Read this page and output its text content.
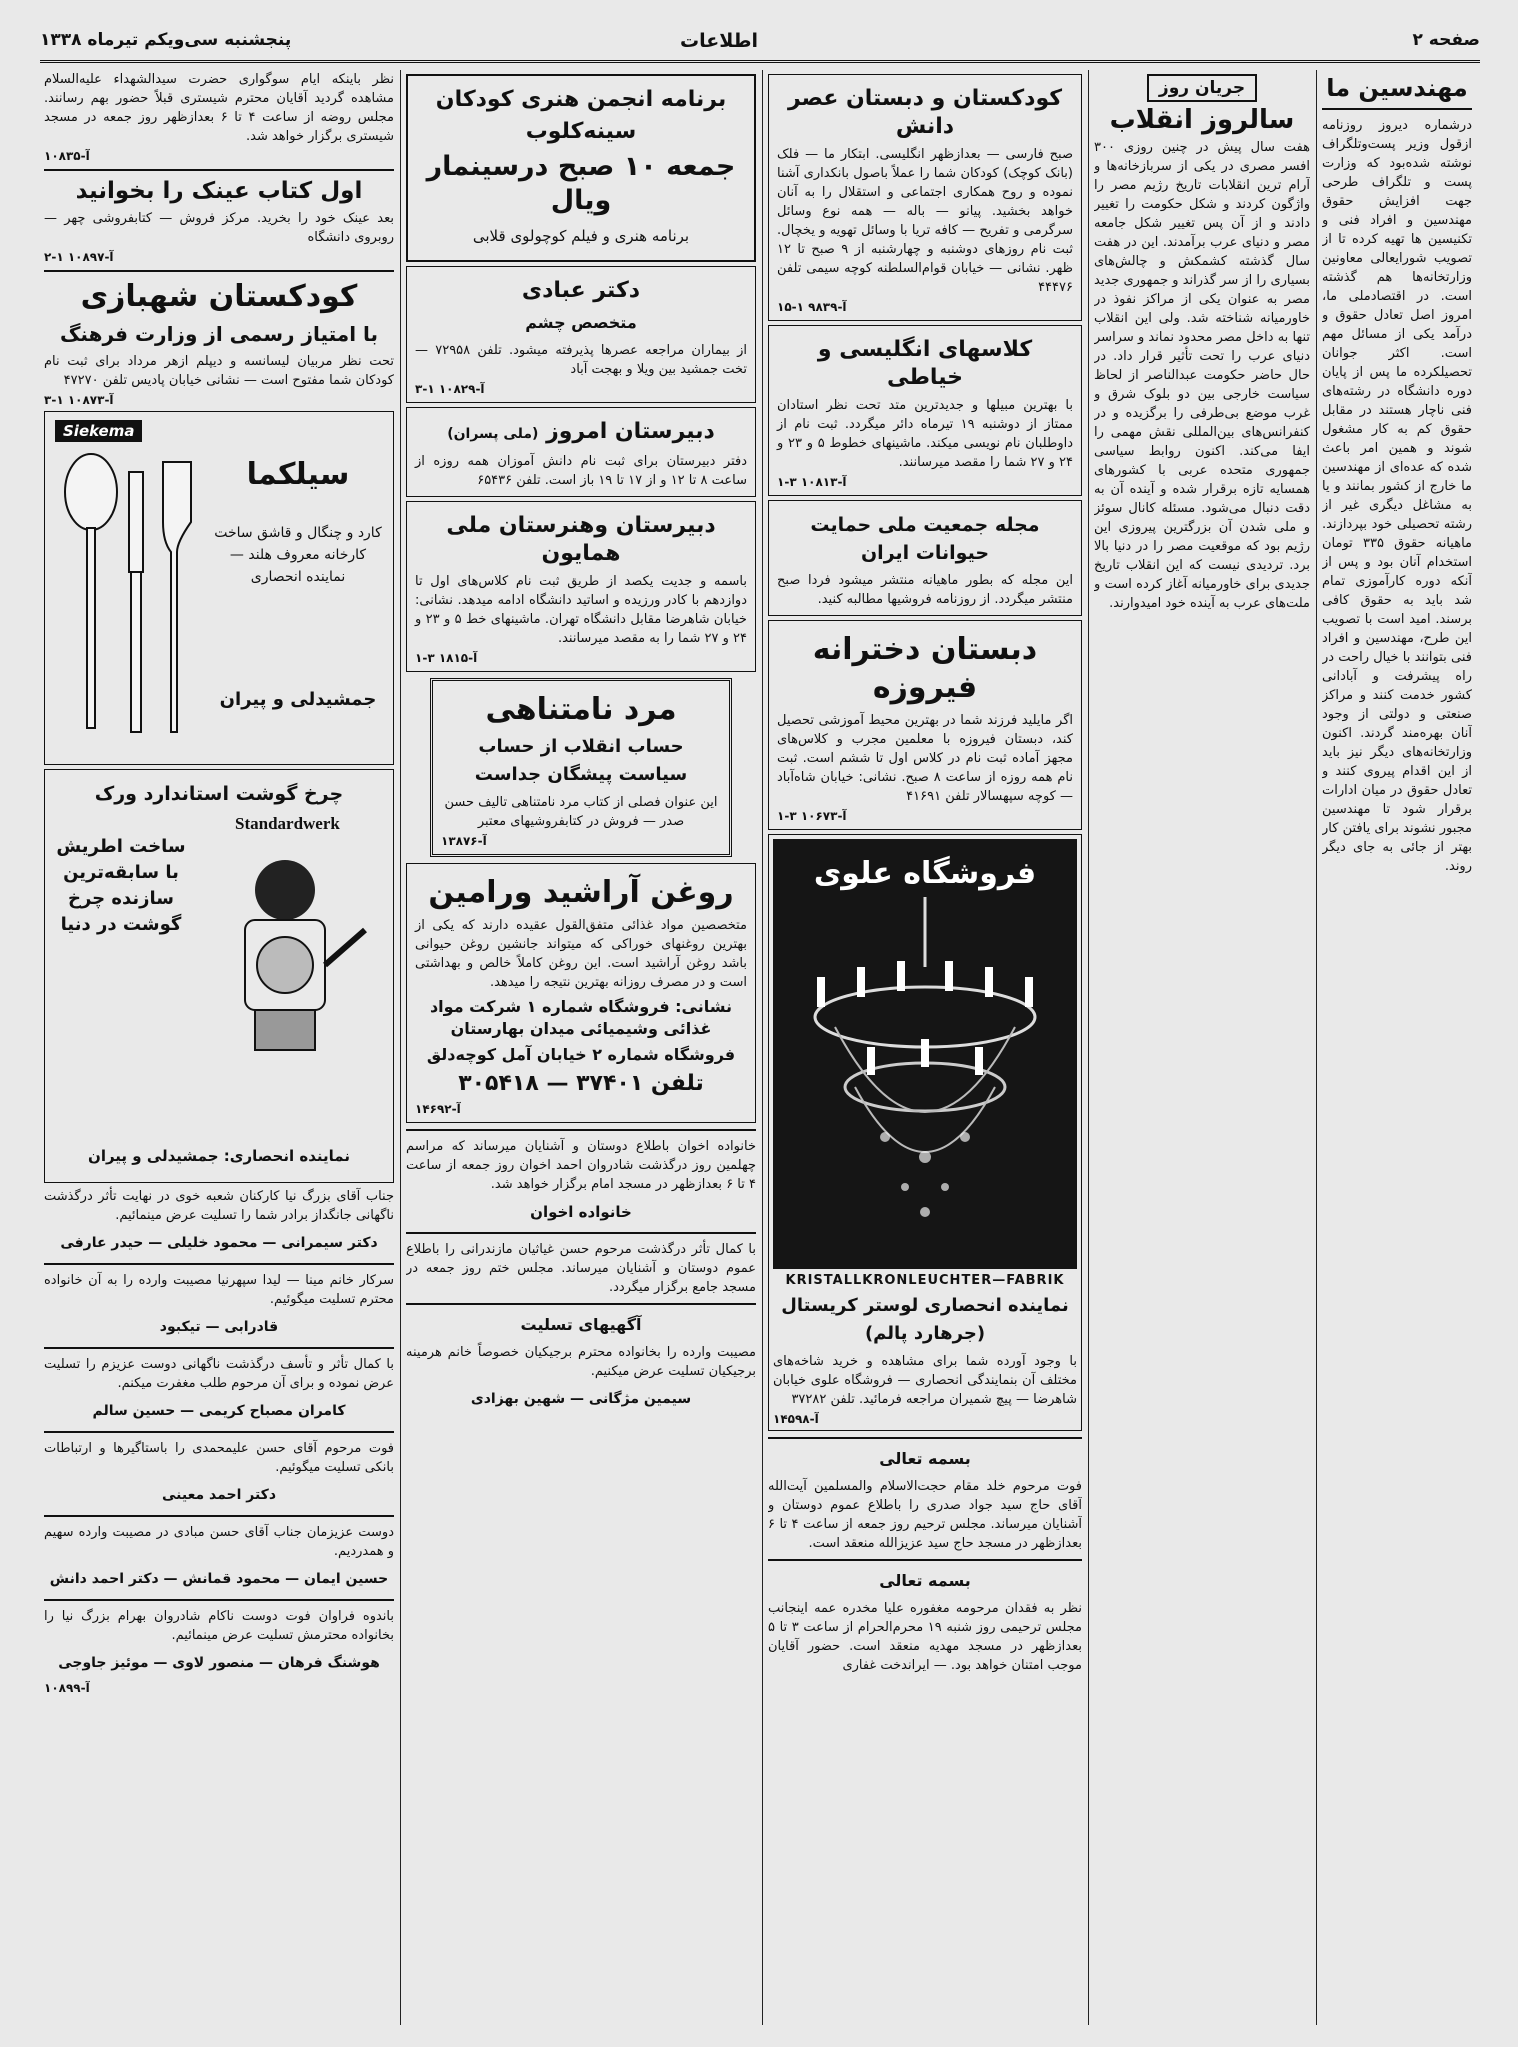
صفحه ۲
اطلاعات
پنجشنبه سی‌ویکم تیرماه ۱۳۳۸
مهندسین ما
درشماره دیروز روزنامه ازقول وزیر پست‌وتلگراف نوشته شده‌بود که وزارت پست و تلگراف طرحی جهت افزایش حقوق مهندسین و افراد فنی و تکنیسین ها تهیه کرده تا از تصویب شورایعالی معاونین وزارتخانه‌ها هم گذشته است. در اقتصادملی ما، امروز اصل تعادل حقوق و درآمد یکی از مسائل مهم است. اکثر جوانان تحصیلکرده ما پس از پایان دوره دانشگاه در رشته‌های فنی ناچار هستند در مقابل حقوق کم به کار مشغول شوند و همین امر باعث شده که عده‌ای از مهندسین ما خارج از کشور بمانند و یا به مشاغل دیگری غیر از رشته تحصیلی خود بپردازند. ماهیانه حقوق ۳۳۵ تومان استخدام آنان بود و پس از آنکه دوره کارآموزی تمام شد باید به حقوق کافی برسند. امید است با تصویب این طرح، مهندسین و افراد فنی بتوانند با خیال راحت در راه پیشرفت و آبادانی کشور خدمت کنند و مراکز صنعتی و دولتی از وجود آنان بهره‌مند گردند. اکنون وزارتخانه‌های دیگر نیز باید از این اقدام پیروی کنند و تعادل حقوق در میان ادارات برقرار شود تا مهندسین مجبور نشوند برای یافتن کار بهتر از جائی به جای دیگر روند.
جریان روز
سالروز انقلاب
هفت سال پیش در چنین روزی ۳۰۰ افسر مصری در یکی از سربازخانه‌ها و آرام ترین انقلابات تاریخ رژیم مصر را واژگون کردند و شکل حکومت را تغییر دادند و از آن پس تغییر شکل جامعه مصر و دنیای عرب برآمدند. این در هفت سال گذشته کشمکش و چالش‌های بسیاری را از سر گذراند و جمهوری جدید مصر به عنوان یکی از مراکز نفوذ در خاورمیانه شناخته شد. ولی این انقلاب تنها به داخل مصر محدود نماند و سراسر دنیای عرب را تحت تأثیر قرار داد. در حال حاضر حکومت عبدالناصر از لحاظ سیاست خارجی بین دو بلوک شرق و غرب موضع بی‌طرفی را برگزیده و در کنفرانس‌های بین‌المللی نقش مهمی را ایفا می‌کند. اکنون روابط سیاسی جمهوری متحده عربی با کشورهای همسایه تازه برقرار شده و آینده آن به دقت دنبال می‌شود. مسئله کانال سوئز و ملی شدن آن بزرگترین پیروزی این رژیم بود که موقعیت مصر را در دنیا بالا برد. تردیدی نیست که این انقلاب تاریخ جدیدی برای خاورمیانه آغاز کرده است و ملت‌های عرب به آینده خود امیدوارند.
کودکستان و دبستان عصر دانش
صبح فارسی — بعدازظهر انگلیسی. ابتکار ما — فلک (بانک کوچک) کودکان شما را عملاً باصول بانکداری آشنا نموده و روح همکاری اجتماعی و استقلال را به آنان خواهد بخشید. پیانو — باله — همه نوع وسائل سرگرمی و تفریح — کافه تریا با وسائل تهویه و یخچال. ثبت نام روزهای دوشنبه و چهارشنبه از ۹ صبح تا ۱۲ ظهر. نشانی — خیابان قوام‌السلطنه کوچه سیمی تلفن ۴۴۴۷۶
آ-۹۸۳۹ ۱-۱۵
کلاسهای انگلیسی و خیاطی
با بهترین مبیلها و جدیدترین متد تحت نظر استادان ممتاز از دوشنبه ۱۹ تیرماه دائر میگردد. ثبت نام از داوطلبان نام نویسی میکند. ماشینهای خطوط ۵ و ۲۳ و ۲۴ و ۲۷ شما را مقصد میرسانند.
آ-۱۰۸۱۳ ۳-۱
مجله جمعیت ملی حمایت حیوانات ایران
این مجله که بطور ماهیانه منتشر میشود فردا صبح منتشر میگردد. از روزنامه فروشیها مطالبه کنید.
دبستان دخترانه فیروزه
اگر مایلید فرزند شما در بهترین محیط آموزشی تحصیل کند، دبستان فیروزه با معلمین مجرب و کلاس‌های مجهز آماده ثبت نام در کلاس اول تا ششم است. ثبت نام همه روزه از ساعت ۸ صبح. نشانی: خیابان شاه‌آباد — کوچه سپهسالار تلفن ۴۱۶۹۱
آ-۱۰۶۷۳ ۳-۱
فروشگاه علوی
KRISTALLKRONLEUCHTER—FABRIK
نماینده انحصاری لوستر کریستال (جرهارد پالم)
با وجود آورده شما برای مشاهده و خرید شاخه‌های مختلف آن بنمایندگی انحصاری — فروشگاه علوی خیابان شاهرضا — پیچ شمیران مراجعه فرمائید. تلفن ۳۷۲۸۲
آ-۱۴۵۹۸
بسمه تعالی
فوت مرحوم خلد مقام حجت‌الاسلام والمسلمین آیت‌الله آقای حاج سید جواد صدری را باطلاع عموم دوستان و آشنایان میرساند. مجلس ترحیم روز جمعه از ساعت ۴ تا ۶ بعدازظهر در مسجد حاج سید عزیزالله منعقد است.
بسمه تعالی
نظر به فقدان مرحومه مغفوره علیا مخدره عمه اینجانب مجلس ترحیمی روز شنبه ۱۹ محرم‌الحرام از ساعت ۳ تا ۵ بعدازظهر در مسجد مهدیه منعقد است. حضور آقایان موجب امتنان خواهد بود. — ایراندخت غفاری
برنامه انجمن هنری کودکان
سینه‌کلوب
جمعه ۱۰ صبح درسینمار ویال
برنامه هنری و فیلم کوچولوی قلابی
دکتر عبادی
متخصص چشم
از بیماران مراجعه عصرها پذیرفته میشود. تلفن ۷۲۹۵۸ — تخت جمشید بین ویلا و بهجت آباد
آ-۱۰۸۲۹ ۱-۳
دبیرستان امروز (ملی پسران)
دفتر دبیرستان برای ثبت نام دانش آموزان همه روزه از ساعت ۸ تا ۱۲ و از ۱۷ تا ۱۹ باز است. تلفن ۶۵۴۳۶
دبیرستان وهنرستان ملی همایون
باسمه و جدیت یکصد از طریق ثبت نام کلاس‌های اول تا دوازدهم با کادر ورزیده و اساتید دانشگاه ادامه میدهد. نشانی: خیابان شاهرضا مقابل دانشگاه تهران. ماشینهای خط ۵ و ۲۳ و ۲۴ و ۲۷ شما را به مقصد میرسانند.
آ-۱۸۱۵ ۳-۱
مرد نامتناهی
حساب انقلاب از حساب سیاست پیشگان جداست
این عنوان فصلی از کتاب مرد نامتناهی تالیف حسن صدر — فروش در کتابفروشیهای معتبر
آ-۱۳۸۷۶
روغن آراشید ورامین
متخصصین مواد غذائی متفق‌القول عقیده دارند که یکی از بهترین روغنهای خوراکی که میتواند جانشین روغن حیوانی باشد روغن آراشید است. این روغن کاملاً خالص و بهداشتی است و در مصرف روزانه بهترین نتیجه را میدهد.
نشانی: فروشگاه شماره ۱ شرکت مواد غذائی وشیمیائی میدان بهارستان
فروشگاه شماره ۲ خیابان آمل کوچه‌دلق
تلفن ۳۷۴۰۱ — ۳۰۵۴۱۸
آ-۱۴۶۹۲
خانواده اخوان باطلاع دوستان و آشنایان میرساند که مراسم چهلمین روز درگذشت شادروان احمد اخوان روز جمعه از ساعت ۴ تا ۶ بعدازظهر در مسجد امام برگزار خواهد شد.
خانواده اخوان
با کمال تأثر درگذشت مرحوم حسن غیاثیان مازندرانی را باطلاع عموم دوستان و آشنایان میرساند. مجلس ختم روز جمعه در مسجد جامع برگزار میگردد.
آگهیهای تسلیت
مصیبت وارده را بخانواده محترم برجیکیان خصوصاً خانم هرمینه برجیکیان تسلیت عرض میکنیم.
سیمین مژگانی — شهین بهزادی
نظر باینکه ایام سوگواری حضرت سیدالشهداء علیه‌السلام مشاهده گردید آقایان محترم شیستری قبلاً حضور بهم رسانند. مجلس روضه از ساعت ۴ تا ۶ بعدازظهر روز جمعه در مسجد شیستری برگزار خواهد شد.
آ-۱۰۸۳۵
اول کتاب عینک را بخوانید
بعد عینک خود را بخرید. مرکز فروش — کتابفروشی چهر — روبروی دانشگاه
آ-۱۰۸۹۷ ۱-۲
کودکستان شهبازی
با امتیاز رسمی از وزارت فرهنگ
تحت نظر مربیان لیسانسه و دیپلم ازهر مرداد برای ثبت نام کودکان شما مفتوح است — نشانی خیابان پادیس تلفن ۴۷۲۷۰
آ-۱۰۸۷۳ ۱-۳
Siekema
سیلکما
کارد و چنگال و قاشق ساخت کارخانه معروف هلند — نماینده انحصاری
جمشیدلی و پیران
چرخ گوشت استاندارد ورک
Standardwerk
ساخت اطریش با سابقه‌ترین سازنده چرخ گوشت در دنیا
نماینده انحصاری: جمشیدلی و پیران
جناب آقای بزرگ نیا کارکنان شعبه خوی در نهایت تأثر درگذشت ناگهانی جانگداز برادر شما را تسلیت عرض مینمائیم.
دکتر سیمرانی — محمود خلیلی — حیدر عارفی
سرکار خانم مینا — لیدا سپهرنیا مصیبت وارده را به آن خانواده محترم تسلیت میگوئیم.
قادرابی — تیکبود
با کمال تأثر و تأسف درگذشت ناگهانی دوست عزیزم را تسلیت عرض نموده و برای آن مرحوم طلب مغفرت میکنم.
کامران مصباح کریمی — حسین سالم
فوت مرحوم آقای حسن علیمحمدی را باستاگیرها و ارتباطات بانکی تسلیت میگوئیم.
دکتر احمد معینی
دوست عزیزمان جناب آقای حسن مبادی در مصیبت وارده سهیم و همدردیم.
حسین ایمان — محمود قمانش — دکتر احمد دانش
باندوه فراوان فوت دوست ناکام شادروان بهرام بزرگ نیا را بخانواده محترمش تسلیت عرض مینمائیم.
هوشنگ فرهان — منصور لاوی — موئیز جاوجی
آ-۱۰۸۹۹
